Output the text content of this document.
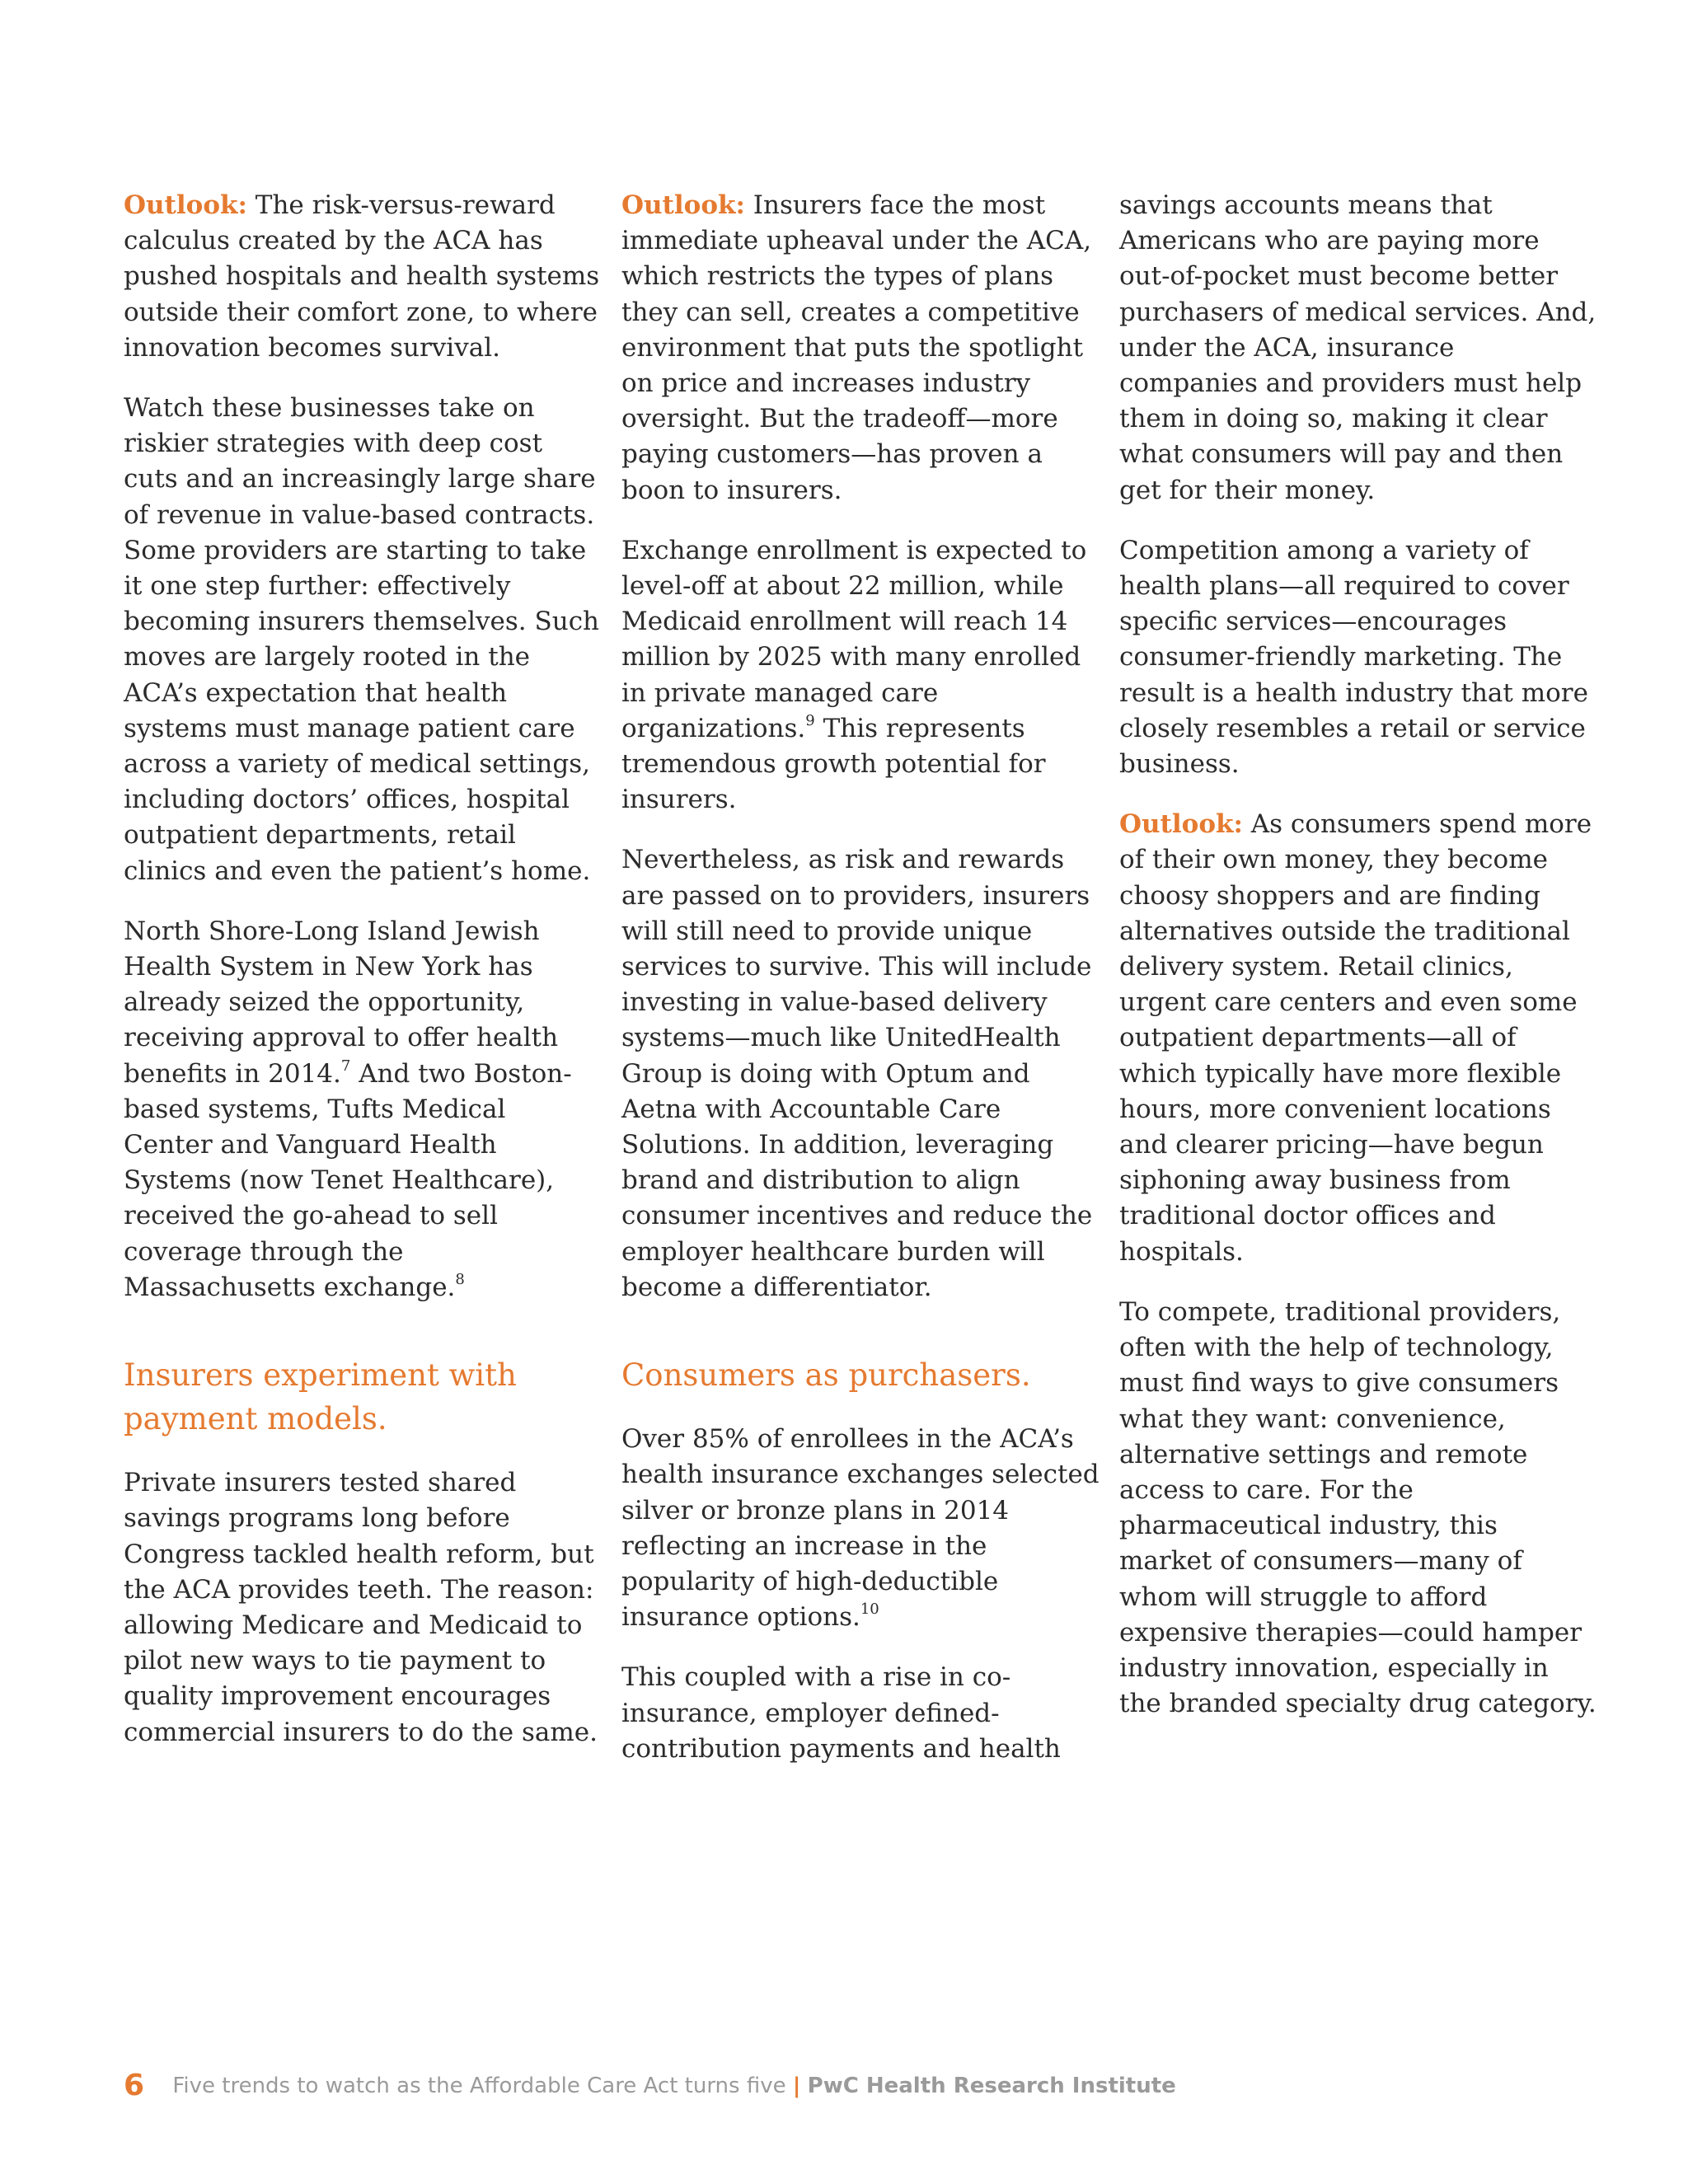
Outlook: The risk-versus-reward calculus created by the ACA has pushed hospitals and health systems outside their comfort zone, to where innovation becomes survival.

Watch these businesses take on riskier strategies with deep cost cuts and an increasingly large share of revenue in value-based contracts. Some providers are starting to take it one step further: effectively becoming insurers themselves. Such moves are largely rooted in the ACA’s expectation that health systems must manage patient care across a variety of medical settings, including doctors’ offices, hospital outpatient departments, retail clinics and even the patient’s home.

North Shore-Long Island Jewish Health System in New York has already seized the opportunity, receiving approval to offer health benefits in 2014.$^7$ And two Boston-based systems, Tufts Medical Center and Vanguard Health Systems (now Tenet Healthcare), received the go-ahead to sell coverage through the Massachusetts exchange.$^8$

Insurers experiment with payment models.

Private insurers tested shared savings programs long before Congress tackled health reform, but the ACA provides teeth. The reason: allowing Medicare and Medicaid to pilot new ways to tie payment to quality improvement encourages commercial insurers to do the same.

Outlook: Insurers face the most immediate upheaval under the ACA, which restricts the types of plans they can sell, creates a competitive environment that puts the spotlight on price and increases industry oversight. But the tradeoff—more paying customers—has proven a boon to insurers.

Exchange enrollment is expected to level-off at about 22 million, while Medicaid enrollment will reach 14 million by 2025 with many enrolled in private managed care organizations.$^9$ This represents tremendous growth potential for insurers.

Nevertheless, as risk and rewards are passed on to providers, insurers will still need to provide unique services to survive. This will include investing in value-based delivery systems—much like UnitedHealth Group is doing with Optum and Aetna with Accountable Care Solutions. In addition, leveraging brand and distribution to align consumer incentives and reduce the employer healthcare burden will become a differentiator.

Consumers as purchasers.

Over 85% of enrollees in the ACA’s health insurance exchanges selected silver or bronze plans in 2014 reflecting an increase in the popularity of high-deductible insurance options.$^{10}$

This coupled with a rise in co-insurance, employer defined-contribution payments and health

savings accounts means that Americans who are paying more out-of-pocket must become better purchasers of medical services. And, under the ACA, insurance companies and providers must help them in doing so, making it clear what consumers will pay and then get for their money.

Competition among a variety of health plans—all required to cover specific services—encourages consumer-friendly marketing. The result is a health industry that more closely resembles a retail or service business.

Outlook: As consumers spend more of their own money, they become choosy shoppers and are finding alternatives outside the traditional delivery system. Retail clinics, urgent care centers and even some outpatient departments—all of which typically have more flexible hours, more convenient locations and clearer pricing—have begun siphoning away business from traditional doctor offices and hospitals.

To compete, traditional providers, often with the help of technology, must find ways to give consumers what they want: convenience, alternative settings and remote access to care. For the pharmaceutical industry, this market of consumers—many of whom will struggle to afford expensive therapies—could hamper industry innovation, especially in the branded specialty drug category.

6 Five trends to watch as the Affordable Care Act turns five | PwC Health Research Institute
